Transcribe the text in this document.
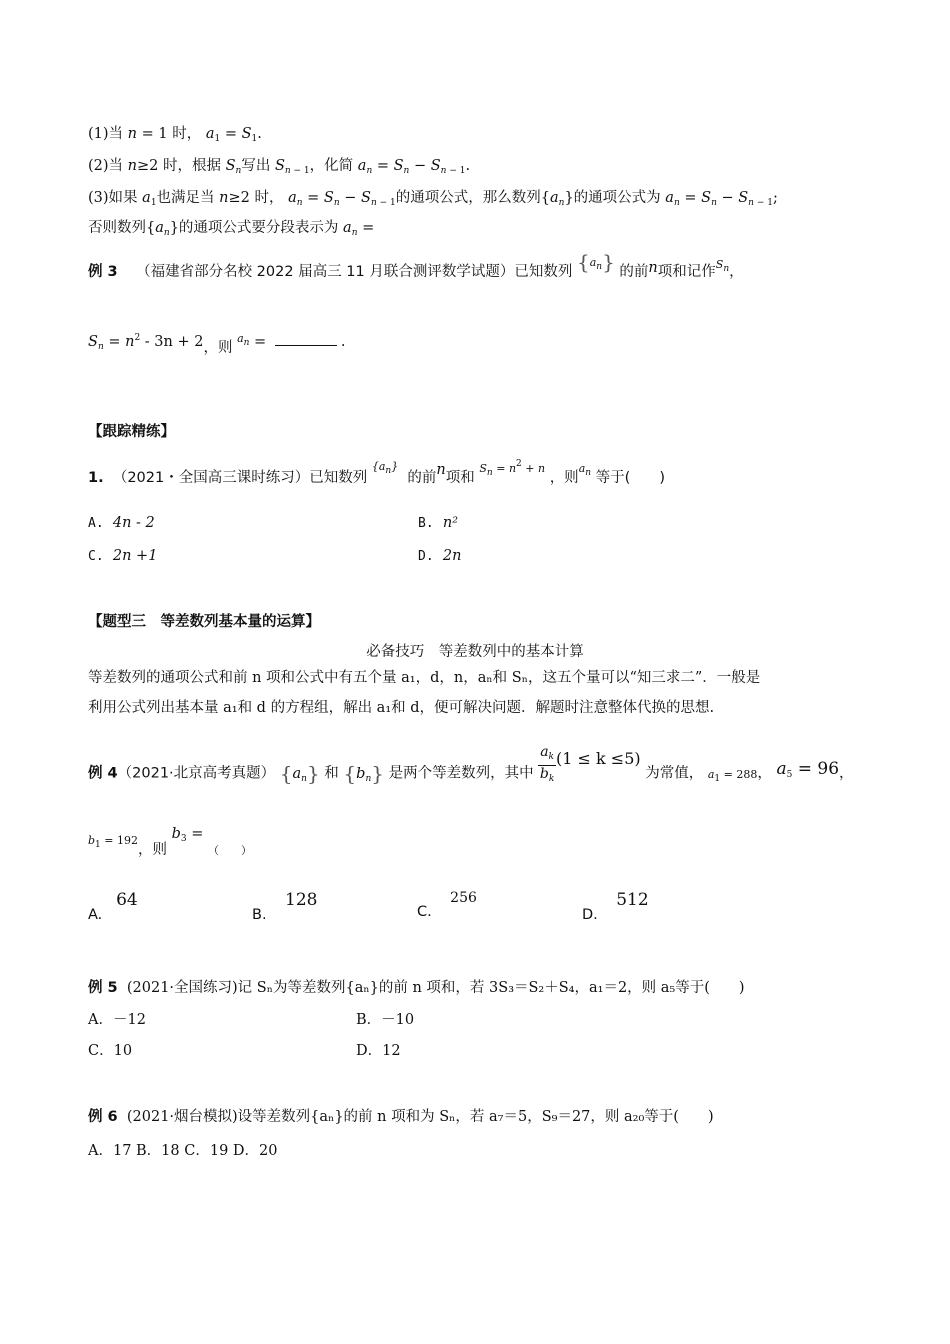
(1)当 n = 1 时， $a_1 = S_1$.
(2)当 n≥2 时，根据 $S_n$写出 $S_{n - 1}$，化简 $a_n = S_n - S_{n - 1}$.
(3)如果 $a_1$也满足当 n≥2 时， $a_n = S_n - S_{n - 1}$的通项公式，那么数列$\{a_n\}$的通项公式为 $a_n = S_n - S_{n - 1}$;
否则数列$\{a_n\}$的通项公式要分段表示为 $a_n$ =
例 3 （福建省部分名校 2022 届高三 11 月联合测评数学试题）已知数列 {$^{a_n}$} 的前n项和记作$^{S_n}$，
$S_n = n^2 - 3n + 2$，则 $^{a_n}$ =	.
【跟踪精练】
1. （2021・全国高三课时练习）已知数列 $^{\{a_n\}}$  的前n项和 $^{S_n = n^2 + n}$ ，则$^{a_n}$ 等于(　　)
A. 4n - 2	B. n²
C. 2n +1	D. 2n
【题型三　等差数列基本量的运算】
必备技巧　等差数列中的基本计算
等差数列的通项公式和前 n 项和公式中有五个量 a₁，d，n，aₙ和 Sₙ，这五个量可以“知三求二”．一般是
利用公式列出基本量 a₁和 d 的方程组，解出 a₁和 d，便可解决问题．解题时注意整体代换的思想.
例 4（2021·北京高考真题） $\{a_n\}$ 和 $\{b_n\}$ 是两个等差数列，其中 $\frac{a_k}{b_k} (1 \le k \le 5)$ 为常值， $a_1 = 288$， $a_5 = 96$，
$b_1 = 192$，则 $b_3 = _{( )}$
A.   64
B.    128
C.    256
D.    512
例 5 (2021·全国练习)记 Sₙ为等差数列{aₙ}的前 n 项和，若 3S₃＝S₂＋S₄，a₁＝2，则 a₅等于(　　)
A．－12	B．－10
C．10	D．12
例 6 (2021·烟台模拟)设等差数列{aₙ}的前 n 项和为 Sₙ，若 a₇＝5，S₉＝27，则 a₂₀等于(　　)
A．17 B．18 C．19 D．20
